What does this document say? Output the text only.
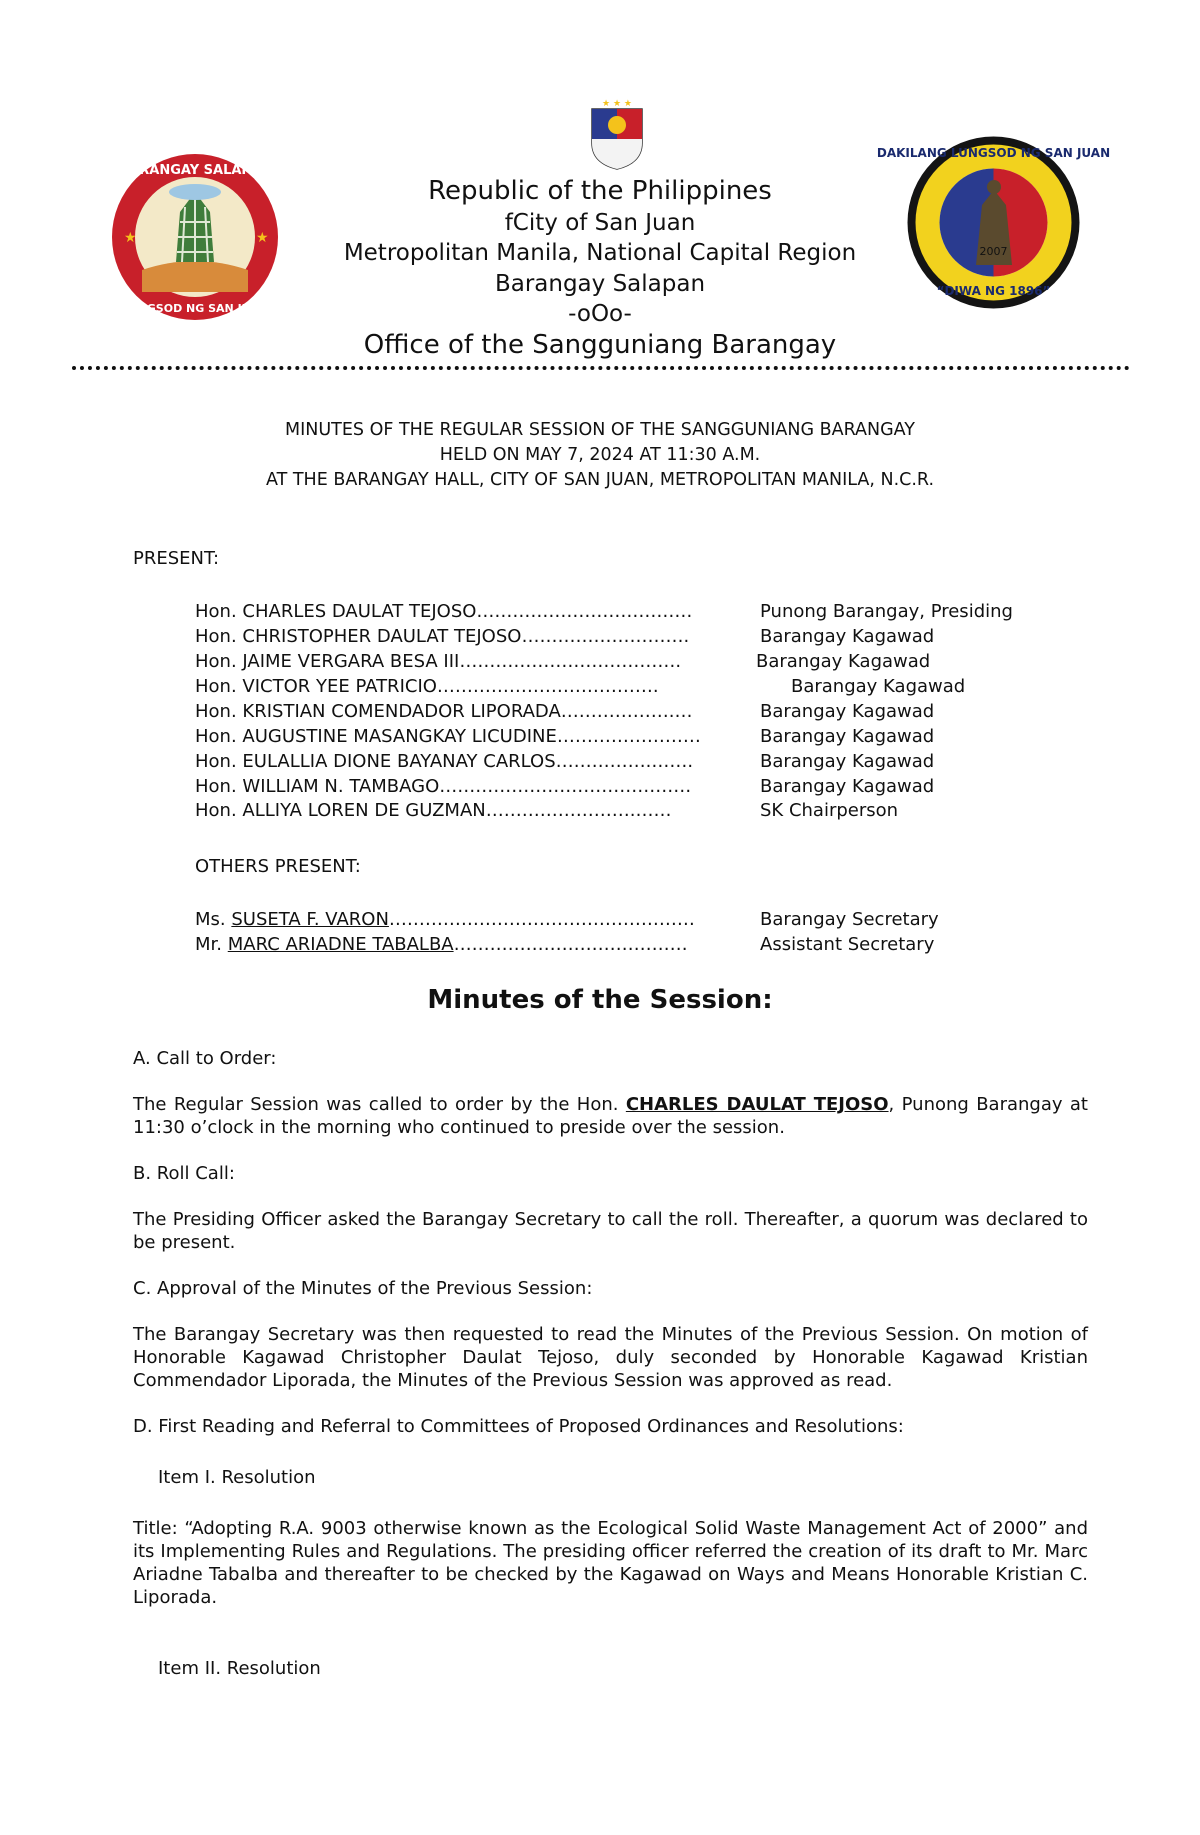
BARANGAY SALAPAN
LUNGSOD NG SAN JUAN
★	★
★ ★ ★
DAKILANG LUNGSOD NG SAN JUAN
“DIWA NG 1896”
2007
Republic of the Philippines
fCity of San Juan
Metropolitan Manila, National Capital Region
Barangay Salapan
-oOo-
Office of the Sangguniang Barangay
MINUTES OF THE REGULAR SESSION OF THE SANGGUNIANG BARANGAY
HELD ON MAY 7, 2024 AT 11:30 A.M.
AT THE BARANGAY HALL, CITY OF SAN JUAN, METROPOLITAN MANILA, N.C.R.
PRESENT:
Hon. CHARLES DAULAT TEJOSO………………………………	Punong Barangay, Presiding
Hon. CHRISTOPHER DAULAT TEJOSO……………………….	Barangay Kagawad
Hon. JAIME VERGARA BESA III……………………………….	Barangay Kagawad
Hon. VICTOR YEE PATRICIO……………………………….	Barangay Kagawad
Hon. KRISTIAN COMENDADOR LIPORADA……………….…	Barangay Kagawad
Hon. AUGUSTINE MASANGKAY LICUDINE……………………	Barangay Kagawad
Hon. EULALLIA DIONE BAYANAY CARLOS…………….…….	Barangay Kagawad
Hon. WILLIAM N. TAMBAGO……………………………………	Barangay Kagawad
Hon. ALLIYA LOREN DE GUZMAN…………………….……	SK Chairperson
OTHERS PRESENT:
Ms. SUSETA F. VARON……………………………………………	Barangay Secretary
Mr. MARC ARIADNE TABALBA…………………………………	Assistant Secretary
Minutes of the Session:
A. Call to Order:
The Regular Session was called to order by the Hon. CHARLES DAULAT TEJOSO, Punong Barangay at 11:30 o’clock in the morning who continued to preside over the session.
B. Roll Call:
The Presiding Officer asked the Barangay Secretary to call the roll. Thereafter, a quorum was declared to be present.
C. Approval of the Minutes of the Previous Session:
The Barangay Secretary was then requested to read the Minutes of the Previous Session. On motion of Honorable Kagawad Christopher Daulat Tejoso, duly seconded by Honorable Kagawad Kristian Commendador Liporada, the Minutes of the Previous Session was approved as read.
D. First Reading and Referral to Committees of Proposed Ordinances and Resolutions:
Item I. Resolution
Title: “Adopting R.A. 9003 otherwise known as the Ecological Solid Waste Management Act of 2000” and its Implementing Rules and Regulations. The presiding officer referred the creation of its draft to Mr. Marc Ariadne Tabalba and thereafter to be checked by the Kagawad on Ways and Means Honorable Kristian C. Liporada.
Item II. Resolution
